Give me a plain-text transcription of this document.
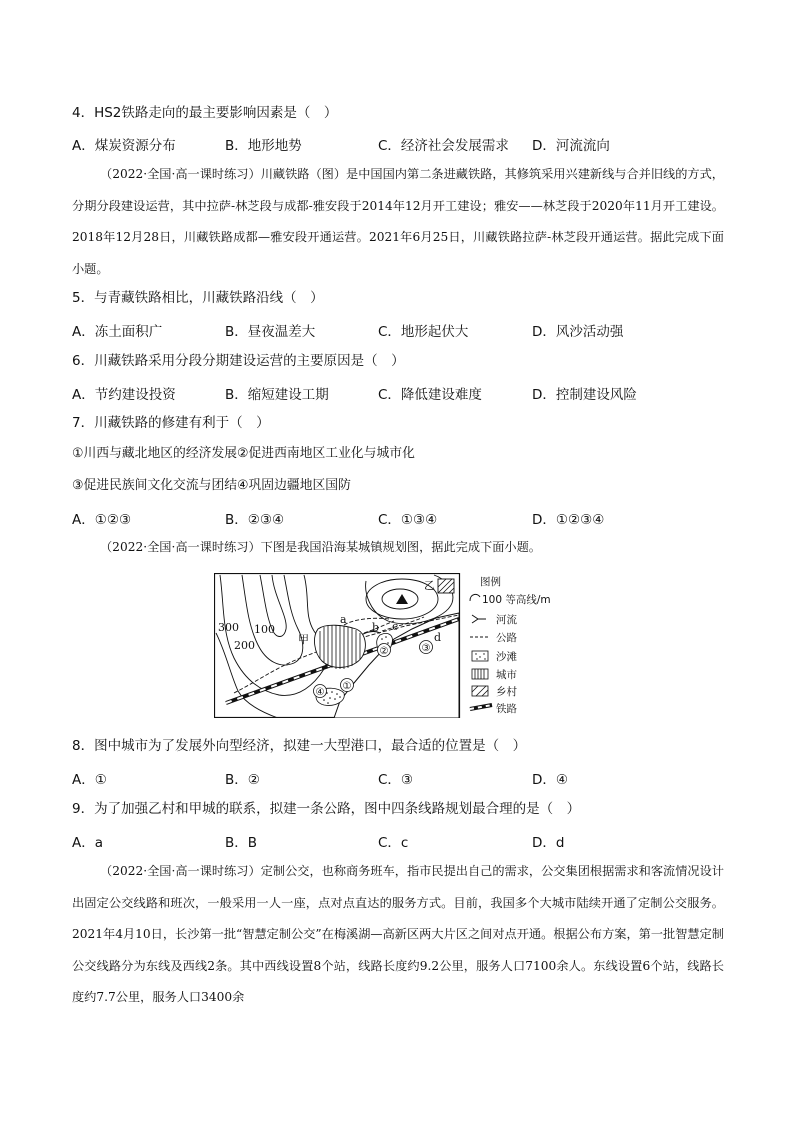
4．HS2铁路走向的最主要影响因素是（　）
A．煤炭资源分布	B．地形地势	C．经济社会发展需求 D．河流流向
（2022·全国·高一课时练习）川藏铁路（图）是中国国内第二条进藏铁路，其修筑采用兴建新线与合并旧线的方式，分期分段建设运营，其中拉萨-林芝段与成都-雅安段于2014年12月开工建设；雅安——林芝段于2020年11月开工建设。2018年12月28日，川藏铁路成都—雅安段开通运营。2021年6月25日，川藏铁路拉萨-林芝段开通运营。据此完成下面小题。
5．与青藏铁路相比，川藏铁路沿线（　）
A．冻土面积广	B．昼夜温差大	C．地形起伏大	D．风沙活动强
6．川藏铁路采用分段分期建设运营的主要原因是（　）
A．节约建设投资	B．缩短建设工期	C．降低建设难度	D．控制建设风险
7．川藏铁路的修建有利于（　）
①川西与藏北地区的经济发展②促进西南地区工业化与城市化
③促进民族间文化交流与团结④巩固边疆地区国防
A．①②③	B．②③④	C．①③④	D．①②③④
（2022·全国·高一课时练习）下图是我国沿海某城镇规划图，据此完成下面小题。
①
②	③
④
300 100
200	甲
乙
a
b c
d
图例
100 等高线/m
河流
公路
沙滩
城市
乡村
铁路
8．图中城市为了发展外向型经济，拟建一大型港口，最合适的位置是（　）
A．①	B．②	C．③	D．④
9．为了加强乙村和甲城的联系，拟建一条公路，图中四条线路规划最合理的是（　）
A．a	B．B	C．c	D．d
（2022·全国·高一课时练习）定制公交，也称商务班车，指市民提出自己的需求，公交集团根据需求和客流情况设计出固定公交线路和班次，一般采用一人一座，点对点直达的服务方式。目前，我国多个大城市陆续开通了定制公交服务。2021年4月10日，长沙第一批“智慧定制公交”在梅溪湖—高新区两大片区之间对点开通。根据公布方案，第一批智慧定制公交线路分为东线及西线2条。其中西线设置8个站，线路长度约9.2公里，服务人口7100余人。东线设置6个站，线路长度约7.7公里，服务人口3400余
